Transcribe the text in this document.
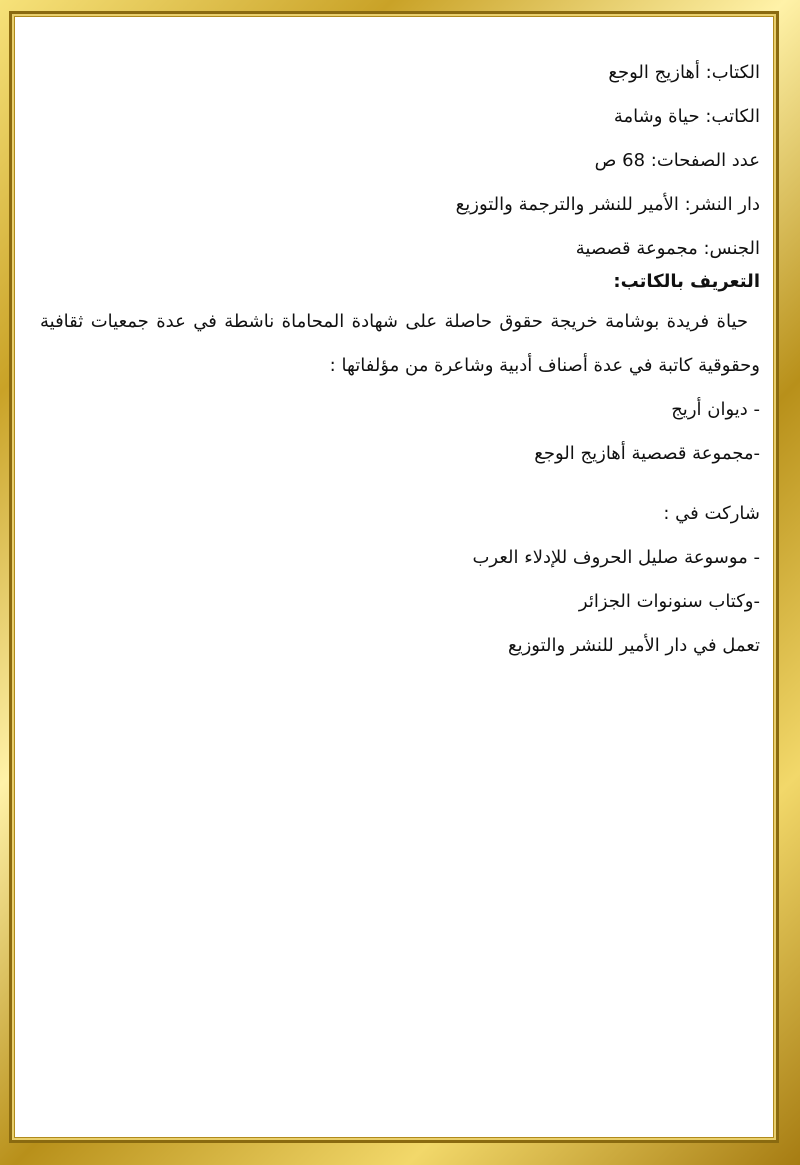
الكتاب: أهازيج الوجع

الكاتب: حياة وشامة

عدد الصفحات: 68 ص

دار النشر: الأمير للنشر والترجمة والتوزيع

الجنس: مجموعة قصصية

التعريف بالكاتب:

حياة فريدة بوشامة خريجة حقوق حاصلة على شهادة المحاماة ناشطة في عدة جمعيات ثقافية وحقوقية كاتبة في عدة أصناف أدبية وشاعرة من مؤلفاتها :

- ديوان أريج

-مجموعة قصصية أهازيج الوجع

شاركت في :

- موسوعة صليل الحروف للإدلاء العرب

-وكتاب سنونوات الجزائر

تعمل في دار الأمير للنشر والتوزيع
